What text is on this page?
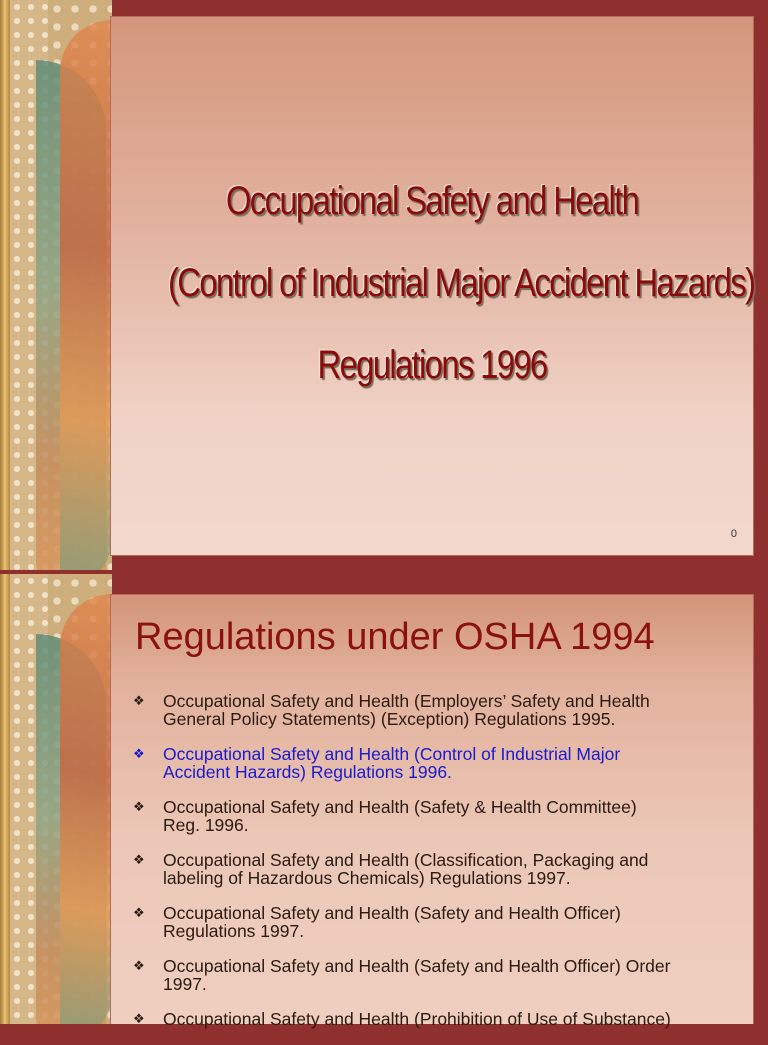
Occupational Safety and Health
(Control of Industrial Major Accident Hazards)
Regulations 1996
0
Regulations under OSHA 1994
❖ Occupational Safety and Health (Employers’ Safety and Health
General Policy Statements) (Exception) Regulations 1995.
❖ Occupational Safety and Health (Control of Industrial Major
Accident Hazards) Regulations 1996.
❖ Occupational Safety and Health (Safety & Health Committee)
Reg. 1996.
❖ Occupational Safety and Health (Classification, Packaging and
labeling of Hazardous Chemicals) Regulations 1997.
❖ Occupational Safety and Health (Safety and Health Officer)
Regulations 1997.
❖ Occupational Safety and Health (Safety and Health Officer) Order
1997.
❖ Occupational Safety and Health (Prohibition of Use of Substance)
